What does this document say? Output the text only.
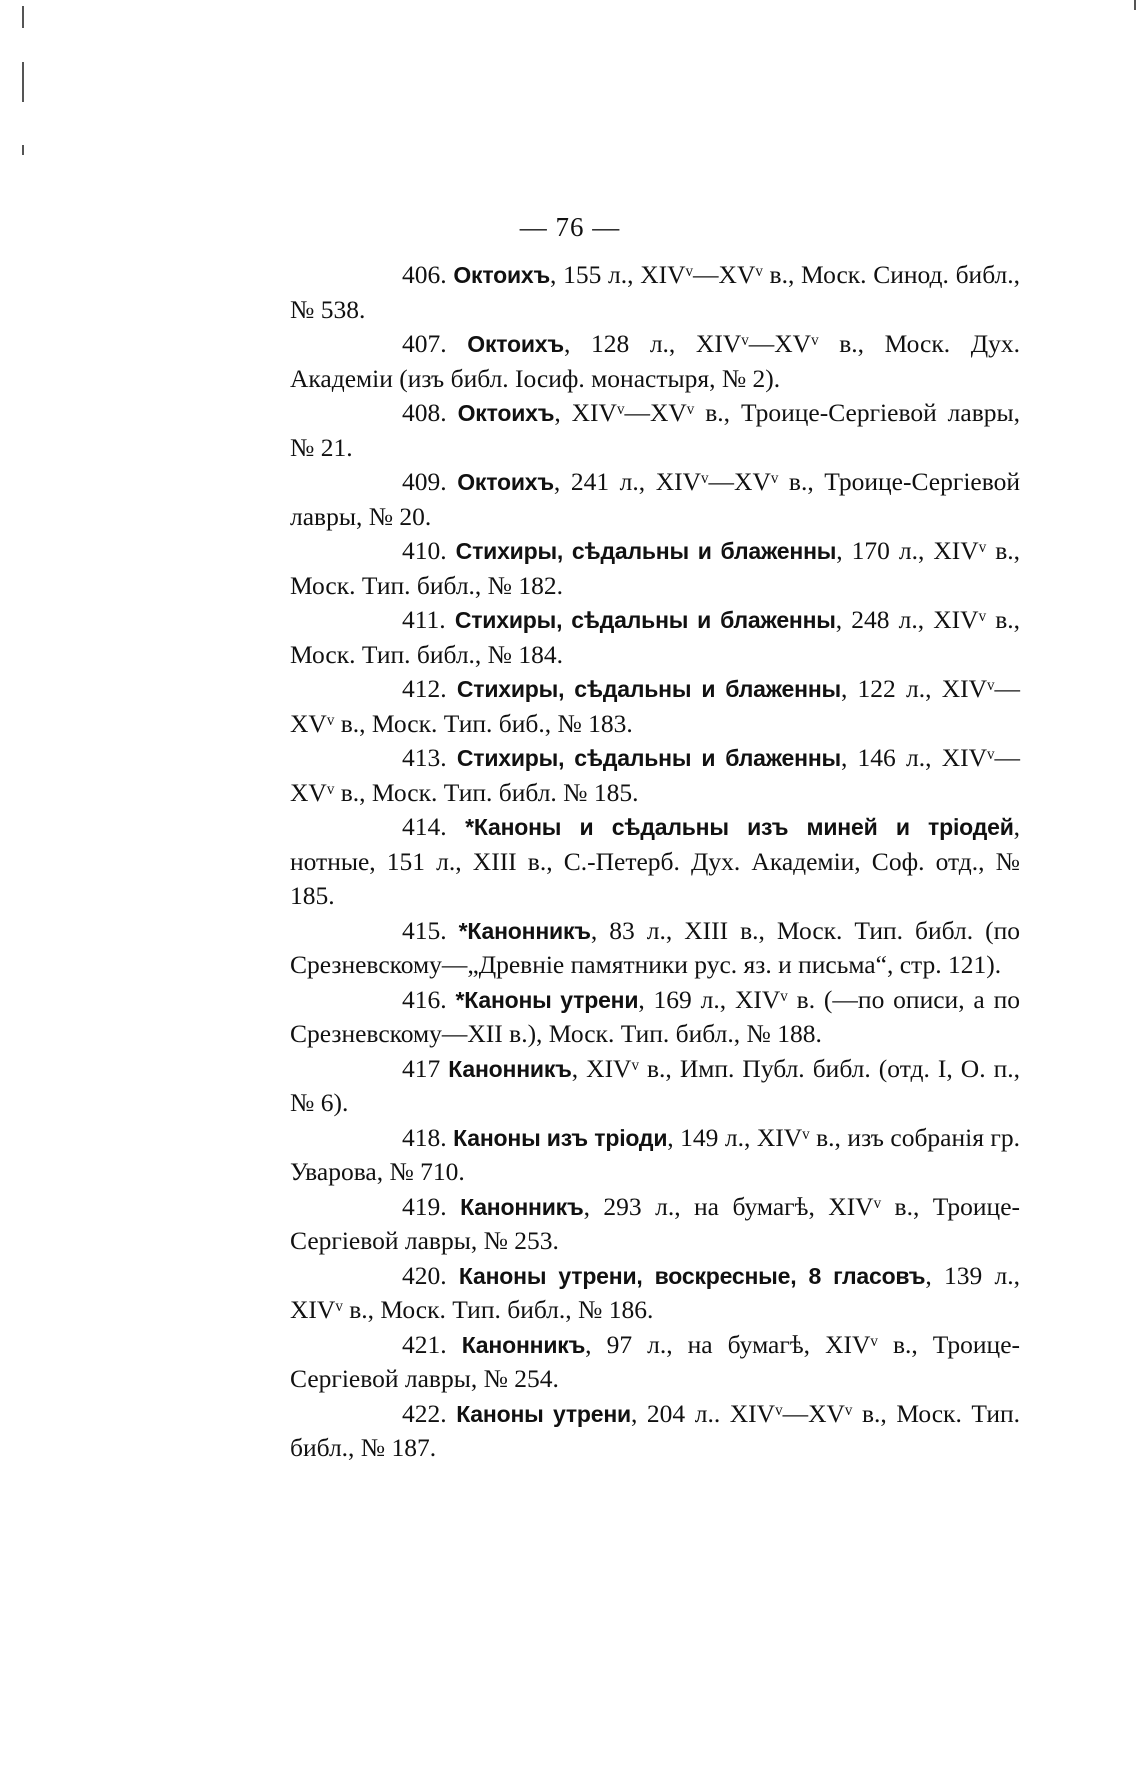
— 76 —

406. Октоихъ, 155 л., XIVᵛ—XVᵛ в., Моск. Синод. библ., № 538.

407. Октоихъ, 128 л., XIVᵛ—XVᵛ в., Моск. Дух. Академіи (изъ библ. Іосиф. монастыря, № 2).

408. Октоихъ, XIVᵛ—XVᵛ в., Троице-Сергіевой лавры, № 21.

409. Октоихъ, 241 л., XIVᵛ—XVᵛ в., Троице-Сергіевой лавры, № 20.

410. Стихиры, сѣдальны и блаженны, 170 л., XIVᵛ в., Моск. Тип. библ., № 182.

411. Стихиры, сѣдальны и блаженны, 248 л., XIVᵛ в., Моск. Тип. библ., № 184.

412. Стихиры, сѣдальны и блаженны, 122 л., XIVᵛ—XVᵛ в., Моск. Тип. биб., № 183.

413. Стихиры, сѣдальны и блаженны, 146 л., XIVᵛ—XVᵛ в., Моск. Тип. библ. № 185.

414. *Каноны и сѣдальны изъ миней и тріодей, нотные, 151 л., XIII в., С.-Петерб. Дух. Академіи, Соф. отд., № 185.

415. *Канонникъ, 83 л., XIII в., Моск. Тип. библ. (по Срезневскому—„Древніе памятники рус. яз. и письма“, стр. 121).

416. *Каноны утрени, 169 л., XIVᵛ в. (—по описи, а по Срезневскому—XII в.), Моск. Тип. библ., № 188.

417 Канонникъ, XIVᵛ в., Имп. Публ. библ. (отд. I, О. п., № 6).

418. Каноны изъ тріоди, 149 л., XIVᵛ в., изъ собранія гр. Уварова, № 710.

419. Канонникъ, 293 л., на бумагѣ, XIVᵛ в., Троице-Сергіевой лавры, № 253.

420. Каноны утрени, воскресные, 8 гласовъ, 139 л., XIVᵛ в., Моск. Тип. библ., № 186.

421. Канонникъ, 97 л., на бумагѣ, XIVᵛ в., Троице-Сергіевой лавры, № 254.

422. Каноны утрени, 204 л.. XIVᵛ—XVᵛ в., Моск. Тип. библ., № 187.
